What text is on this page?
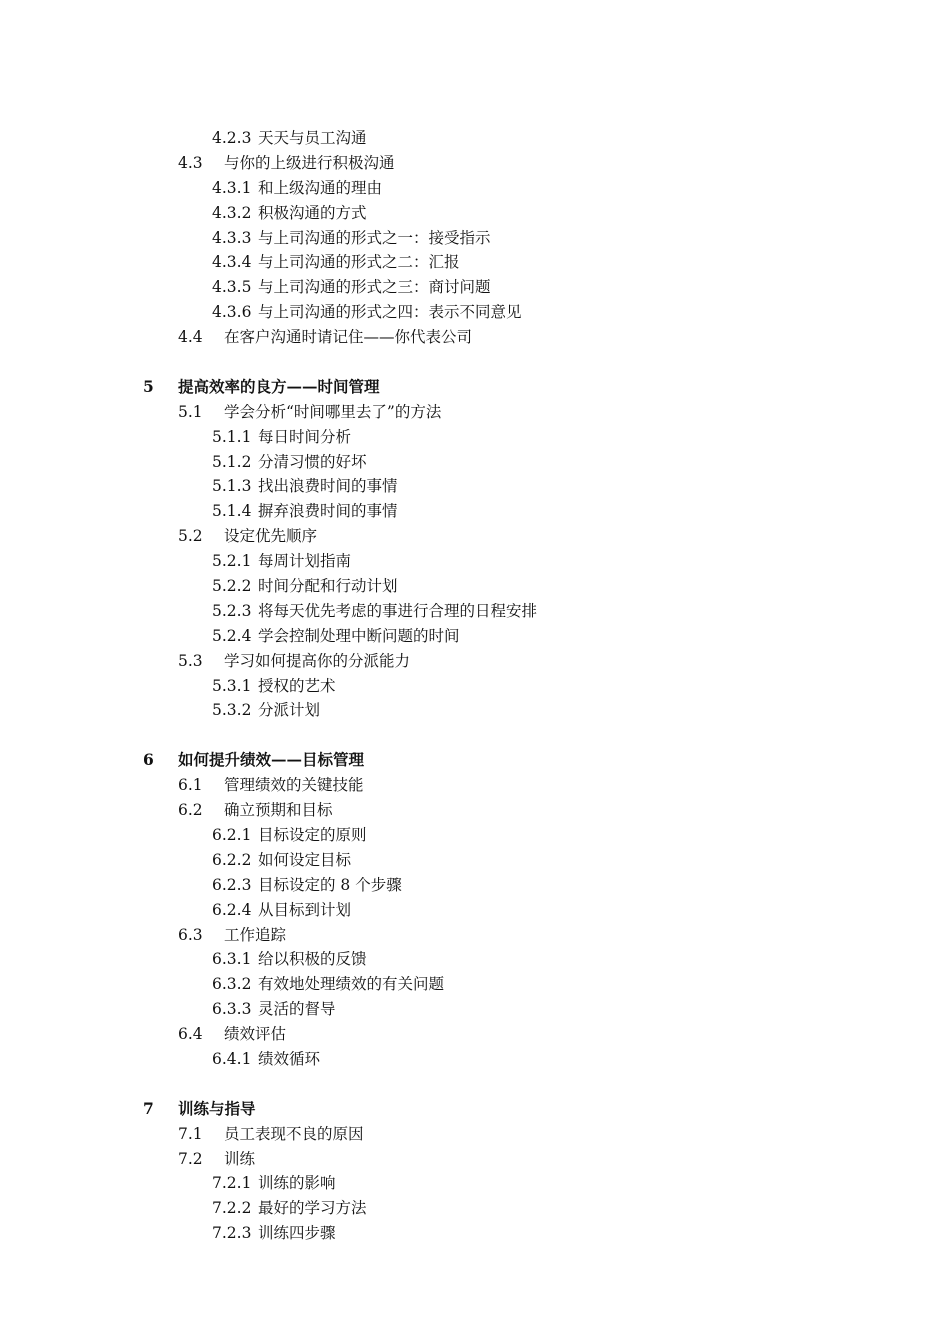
4.2.3 天天与员工沟通
4.3 与你的上级进行积极沟通
4.3.1 和上级沟通的理由
4.3.2 积极沟通的方式
4.3.3 与上司沟通的形式之一：接受指示
4.3.4 与上司沟通的形式之二：汇报
4.3.5 与上司沟通的形式之三：商讨问题
4.3.6 与上司沟通的形式之四：表示不同意见
4.4 在客户沟通时请记住——你代表公司
5 提高效率的良方——时间管理
5.1 学会分析“时间哪里去了”的方法
5.1.1 每日时间分析
5.1.2 分清习惯的好坏
5.1.3 找出浪费时间的事情
5.1.4 摒弃浪费时间的事情
5.2 设定优先顺序
5.2.1 每周计划指南
5.2.2 时间分配和行动计划
5.2.3 将每天优先考虑的事进行合理的日程安排
5.2.4 学会控制处理中断问题的时间
5.3 学习如何提高你的分派能力
5.3.1 授权的艺术
5.3.2 分派计划
6 如何提升绩效——目标管理
6.1 管理绩效的关键技能
6.2 确立预期和目标
6.2.1 目标设定的原则
6.2.2 如何设定目标
6.2.3 目标设定的 8 个步骤
6.2.4 从目标到计划
6.3 工作追踪
6.3.1 给以积极的反馈
6.3.2 有效地处理绩效的有关问题
6.3.3 灵活的督导
6.4 绩效评估
6.4.1 绩效循环
7 训练与指导
7.1 员工表现不良的原因
7.2 训练
7.2.1 训练的影响
7.2.2 最好的学习方法
7.2.3 训练四步骤
